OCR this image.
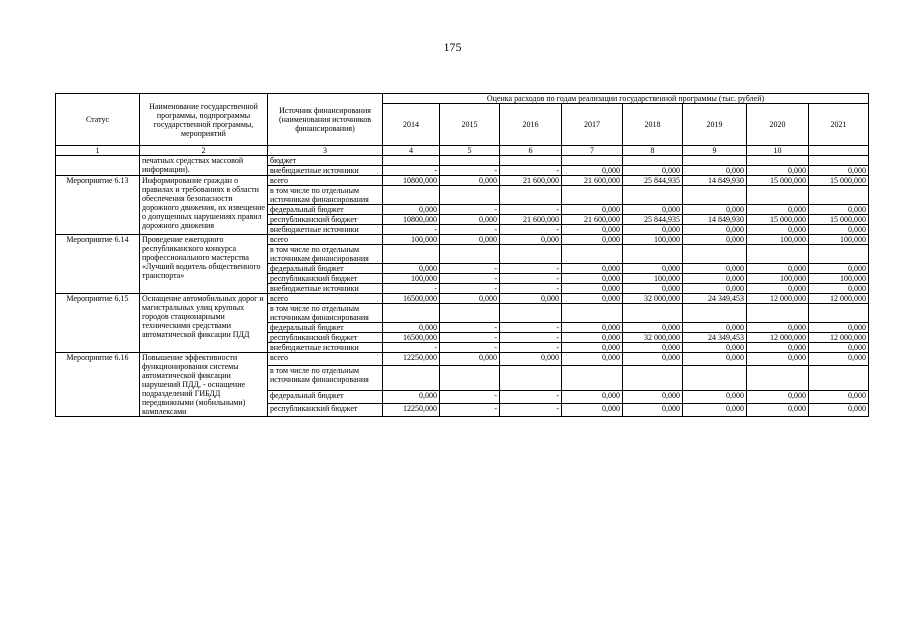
175
Статус	Наименование государственной программы, подпрограммы государственной программы, мероприятий	Источник финансирования (наименования источников финансирования)	Оценка расходов по годам реализации государственной программы (тыс. рублей)							
			2014	2015	2016	2017	2018	2019	2020	2021
1	2	3	4	5	6	7	8	9	10	
	печатных средствах массовой информации).	бюджет								
		внебюджетные источники	-	-	-	0,000	0,000	0,000	0,000	0,000
Мероприятие 6.13	Информирование граждан о правилах и требованиях в области обеспечения безопасности дорожного движения, их извещение о допущенных нарушениях правил дорожного движения	всего	10800,000	0,000	21 600,000	21 600,000	25 844,935	14 849,930	15 000,000	15 000,000
		в том числе по отдельным источникам финансирования								
		федеральный бюджет	0,000	-	-	0,000	0,000	0,000	0,000	0,000
		республиканский бюджет	10800,000	0,000	21 600,000	21 600,000	25 844,935	14 849,930	15 000,000	15 000,000
		внебюджетные источники	-	-	-	0,000	0,000	0,000	0,000	0,000
Мероприятие 6.14	Проведение ежегодного республиканского конкурса профессионального мастерства «Лучший водитель общественного транспорта»	всего	100,000	0,000	0,000	0,000	100,000	0,000	100,000	100,000
		в том числе по отдельным источникам финансирования								
		федеральный бюджет	0,000	-	-	0,000	0,000	0,000	0,000	0,000
		республиканский бюджет	100,000	-	-	0,000	100,000	0,000	100,000	100,000
		внебюджетные источники	-	-	-	0,000	0,000	0,000	0,000	0,000
Мероприятие 6.15	Оснащение автомобильных дорог и магистральных улиц крупных городов стационарными техническими средствами автоматической фиксации ПДД	всего	16500,000	0,000	0,000	0,000	32 000,000	24 349,453	12 000,000	12 000,000
		в том числе по отдельным источникам финансирования								
		федеральный бюджет	0,000	-	-	0,000	0,000	0,000	0,000	0,000
		республиканский бюджет	16500,000	-	-	0,000	32 000,000	24 349,453	12 000,000	12 000,000
		внебюджетные источники	-	-	-	0,000	0,000	0,000	0,000	0,000
Мероприятие 6.16	Повышение эффективности функционирования системы автоматической фиксации нарушений ПДД, - оснащение подразделений ГИБДД передвижными (мобильными) комплексами	всего	12250,000	0,000	0,000	0,000	0,000	0,000	0,000	0,000
		в том числе по отдельным источникам финансирования								
		федеральный бюджет	0,000	-	-	0,000	0,000	0,000	0,000	0,000
		республиканский бюджет	12250,000	-	-	0,000	0,000	0,000	0,000	0,000
